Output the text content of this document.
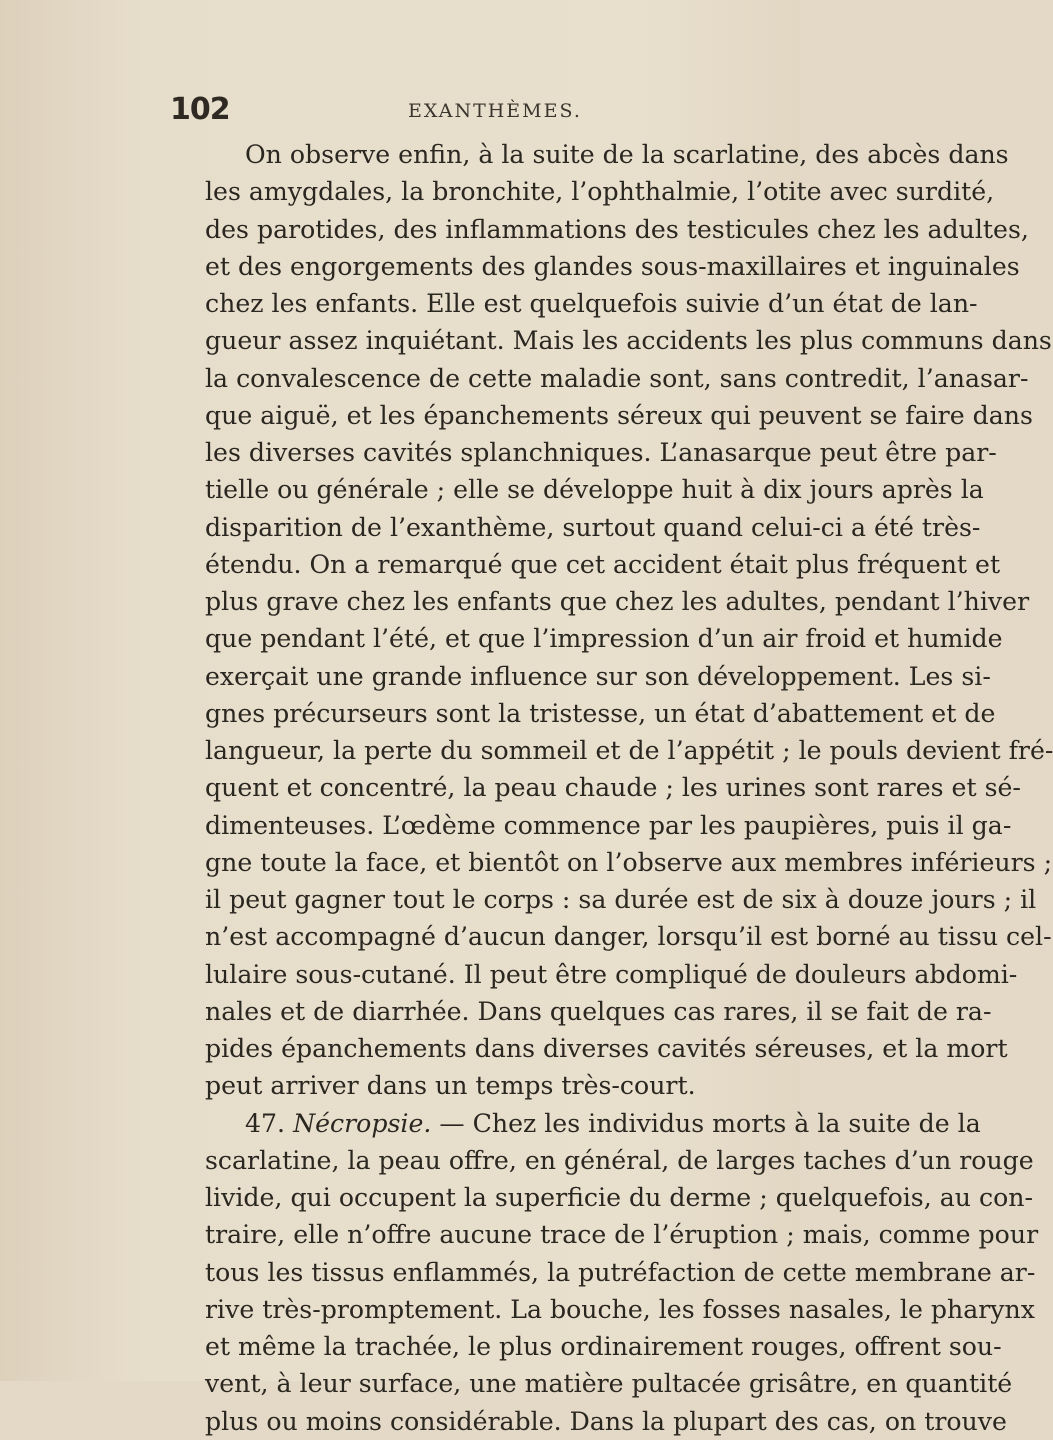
102	EXANTHÈMES.
On observe enfin, à la suite de la scarlatine, des abcès dans
les amygdales, la bronchite, l’ophthalmie, l’otite avec surdité,
des parotides, des inflammations des testicules chez les adultes,
et des engorgements des glandes sous-maxillaires et inguinales
chez les enfants. Elle est quelquefois suivie d’un état de lan-
gueur assez inquiétant. Mais les accidents les plus communs dans
la convalescence de cette maladie sont, sans contredit, l’anasar-
que aiguë, et les épanchements séreux qui peuvent se faire dans
les diverses cavités splanchniques. L’anasarque peut être par-
tielle ou générale ; elle se développe huit à dix jours après la
disparition de l’exanthème, surtout quand celui-ci a été très-
étendu. On a remarqué que cet accident était plus fréquent et
plus grave chez les enfants que chez les adultes, pendant l’hiver
que pendant l’été, et que l’impression d’un air froid et humide
exerçait une grande influence sur son développement. Les si-
gnes précurseurs sont la tristesse, un état d’abattement et de
langueur, la perte du sommeil et de l’appétit ; le pouls devient fré-
quent et concentré, la peau chaude ; les urines sont rares et sé-
dimenteuses. L’œdème commence par les paupières, puis il ga-
gne toute la face, et bientôt on l’observe aux membres inférieurs ;
il peut gagner tout le corps : sa durée est de six à douze jours ; il
n’est accompagné d’aucun danger, lorsqu’il est borné au tissu cel-
lulaire sous-cutané. Il peut être compliqué de douleurs abdomi-
nales et de diarrhée. Dans quelques cas rares, il se fait de ra-
pides épanchements dans diverses cavités séreuses, et la mort
peut arriver dans un temps très-court.
47. Nécropsie. — Chez les individus morts à la suite de la
scarlatine, la peau offre, en général, de larges taches d’un rouge
livide, qui occupent la superficie du derme ; quelquefois, au con-
traire, elle n’offre aucune trace de l’éruption ; mais, comme pour
tous les tissus enflammés, la putréfaction de cette membrane ar-
rive très-promptement. La bouche, les fosses nasales, le pharynx
et même la trachée, le plus ordinairement rouges, offrent sou-
vent, à leur surface, une matière pultacée grisâtre, en quantité
plus ou moins considérable. Dans la plupart des cas, on trouve
